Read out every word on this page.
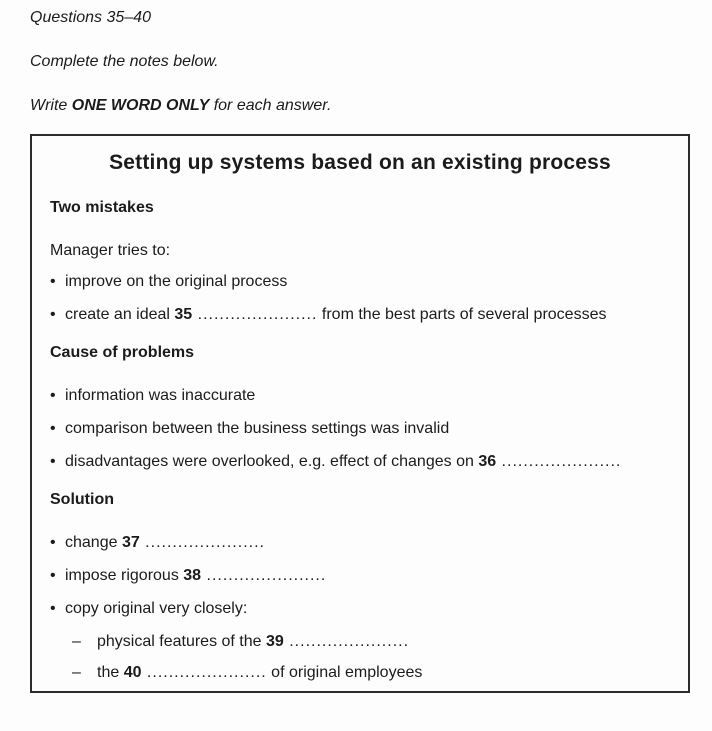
Questions 35–40

Complete the notes below.

Write ONE WORD ONLY for each answer.

Setting up systems based on an existing process
Two mistakes

Manager tries to:

• improve on the original process
• create an ideal 35 ...................... from the best parts of several processes
Cause of problems
• information was inaccurate
• comparison between the business settings was invalid
• disadvantages were overlooked, e.g. effect of changes on 36 ......................
Solution
• change 37 ......................
• impose rigorous 38 ......................
• copy original very closely:
–	physical features of the 39 ......................
–	the 40 ...................... of original employees
